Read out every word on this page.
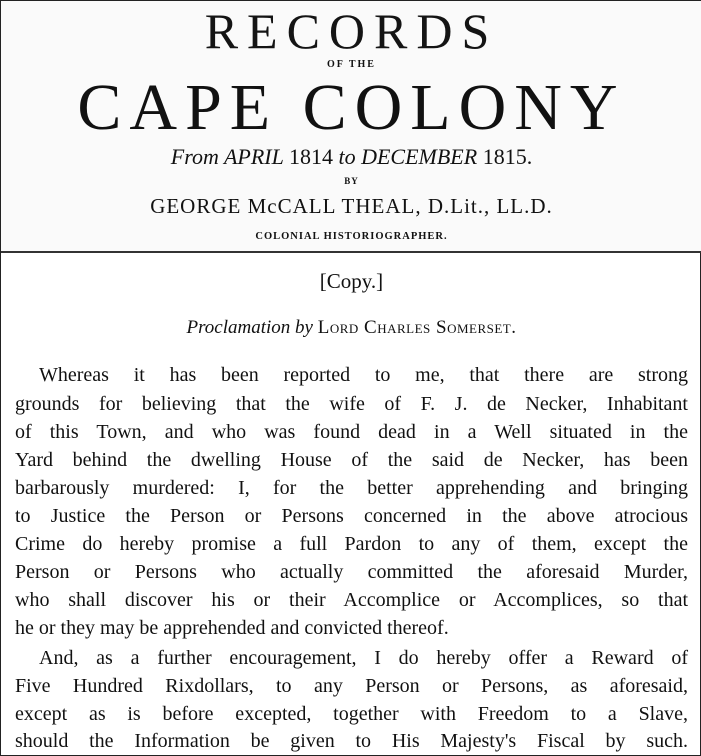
RECORDS
OF THE
CAPE COLONY
From APRIL 1814 to DECEMBER 1815.
BY
GEORGE McCALL THEAL, D.Lit., LL.D.
COLONIAL HISTORIOGRAPHER.
[Copy.]
Proclamation by Lord Charles Somerset.
Whereas it has been reported to me, that there are strong
grounds for believing that the wife of F. J. de Necker, Inhabitant
of this Town, and who was found dead in a Well situated in the
Yard behind the dwelling House of the said de Necker, has been
barbarously murdered: I, for the better apprehending and bringing
to Justice the Person or Persons concerned in the above atrocious
Crime do hereby promise a full Pardon to any of them, except the
Person or Persons who actually committed the aforesaid Murder,
who shall discover his or their Accomplice or Accomplices, so that
he or they may be apprehended and convicted thereof.
And, as a further encouragement, I do hereby offer a Reward of
Five Hundred Rixdollars, to any Person or Persons, as aforesaid,
except as is before excepted, together with Freedom to a Slave,
should the Information be given to His Majesty's Fiscal by such.
